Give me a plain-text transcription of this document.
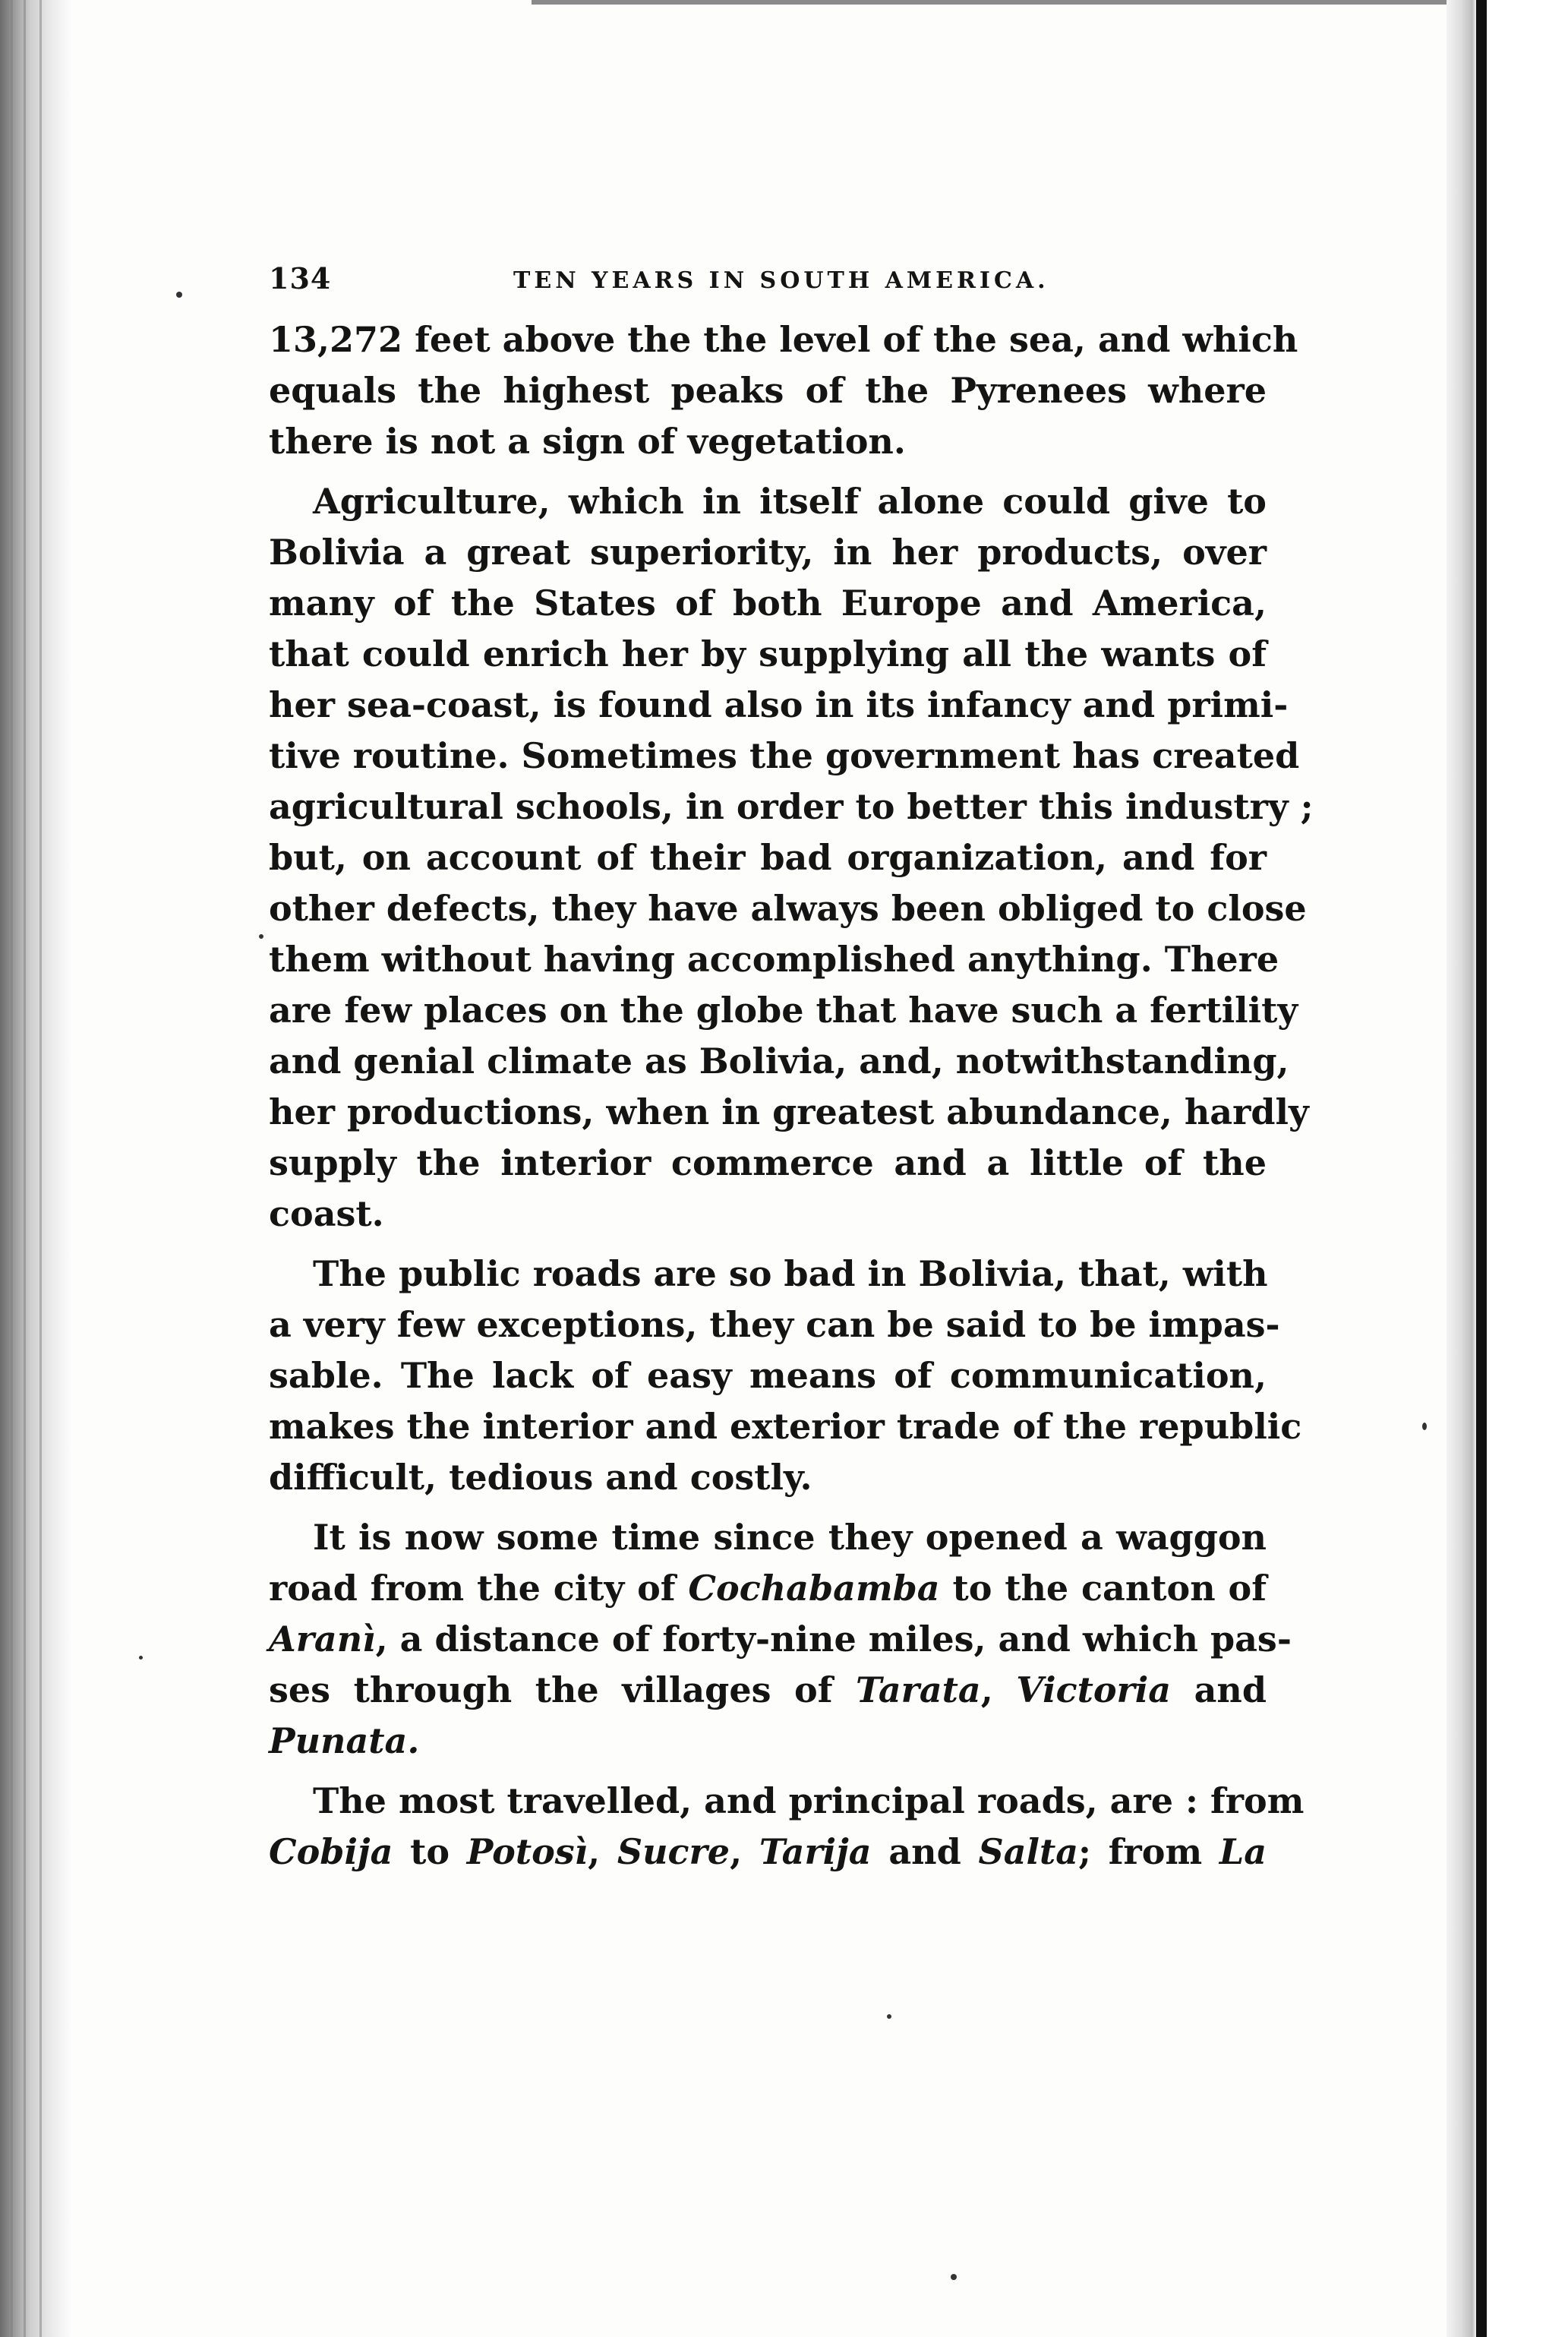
134	TEN YEARS IN SOUTH AMERICA.
13,272 feet above the the level of the sea, and which
equals the highest peaks of the Pyrenees where
there is not a sign of vegetation.
Agriculture, which in itself alone could give to
Bolivia a great superiority, in her products, over
many of the States of both Europe and America,
that could enrich her by supplying all the wants of
her sea-coast, is found also in its infancy and primi-
tive routine. Sometimes the government has created
agricultural schools, in order to better this industry ;
but, on account of their bad organization, and for
other defects, they have always been obliged to close
them without having accomplished anything. There
are few places on the globe that have such a fertility
and genial climate as Bolivia, and, notwithstanding,
her productions, when in greatest abundance, hardly
supply the interior commerce and a little of the
coast.
The public roads are so bad in Bolivia, that, with
a very few exceptions, they can be said to be impas-
sable. The lack of easy means of communication,
makes the interior and exterior trade of the republic
difficult, tedious and costly.
It is now some time since they opened a waggon
road from the city of Cochabamba to the canton of
Aranì, a distance of forty-nine miles, and which pas-
ses through the villages of Tarata, Victoria and
Punata.
The most travelled, and principal roads, are : from
Cobija to Potosì, Sucre, Tarija and Salta; from La
